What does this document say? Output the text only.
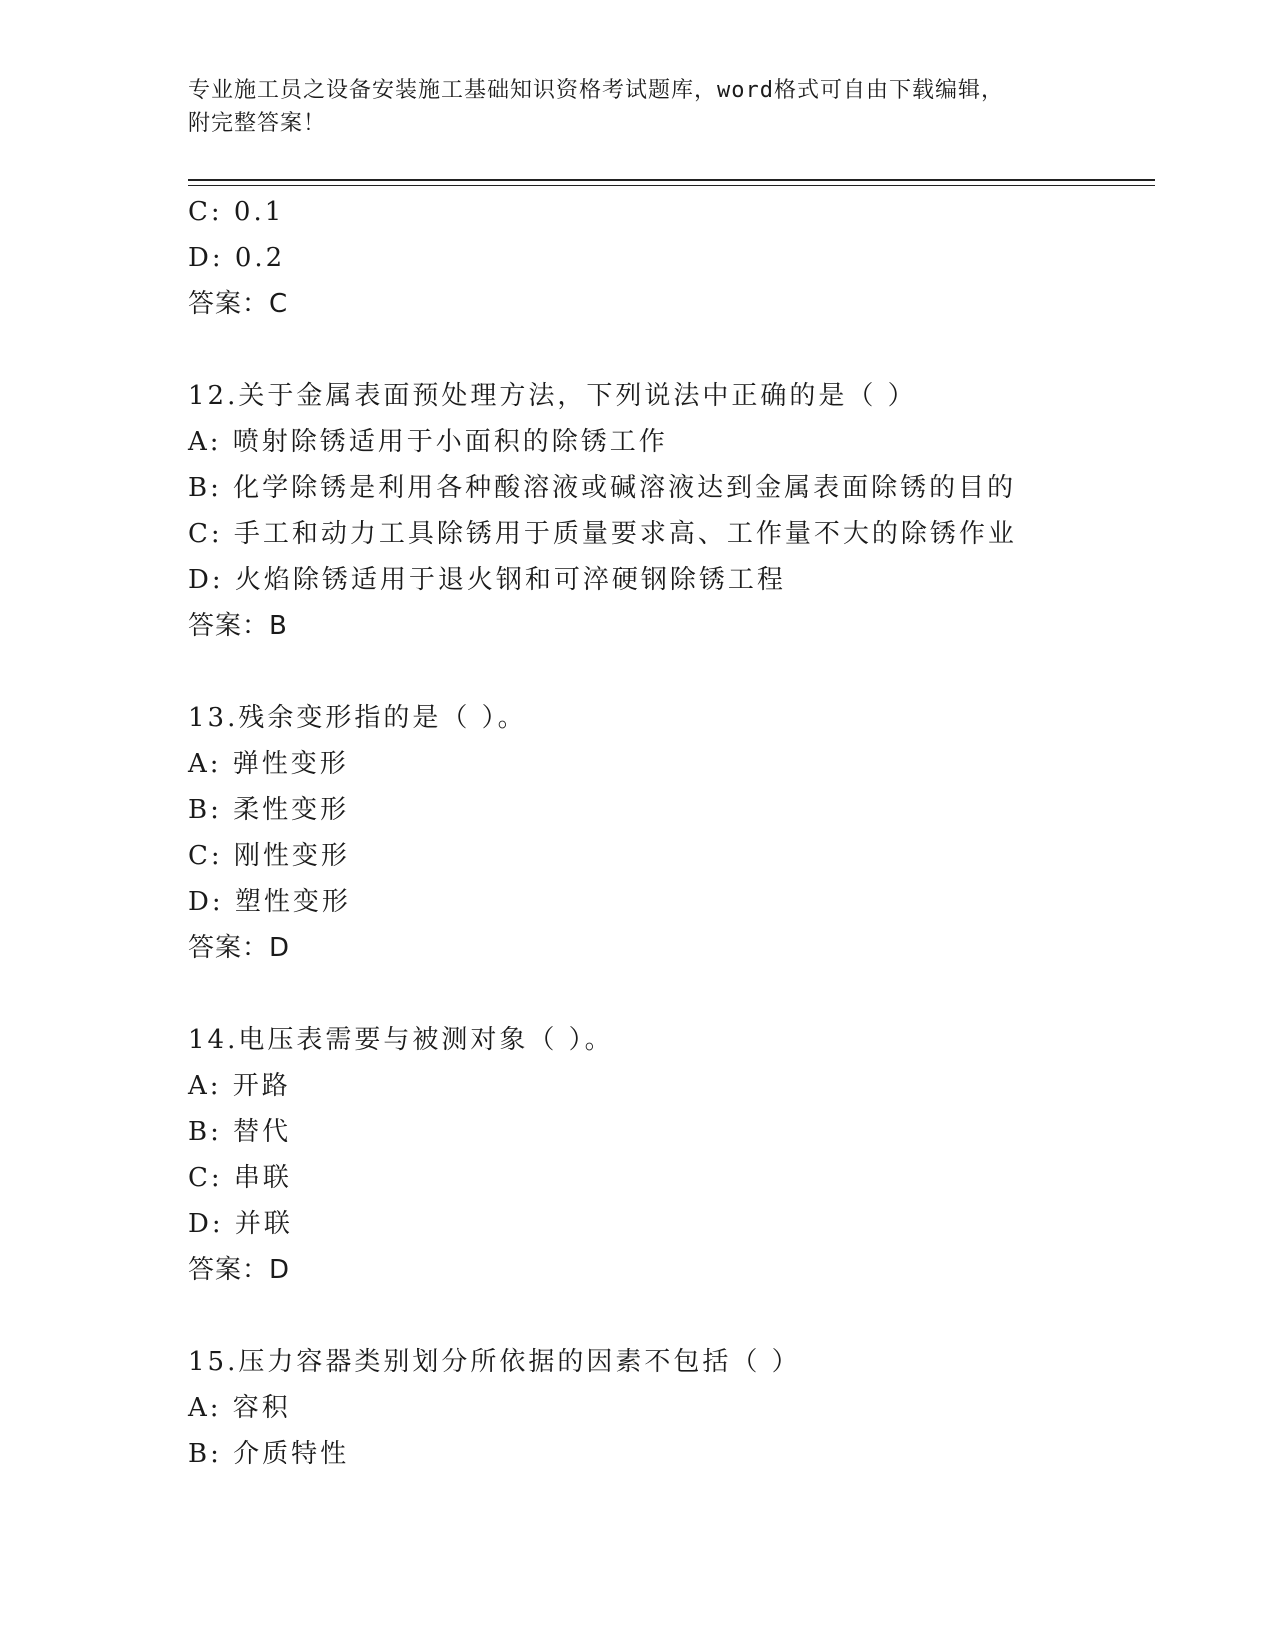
专业施工员之设备安装施工基础知识资格考试题库，word格式可自由下载编辑，
附完整答案！
C: 0.1
D: 0.2
答案：C
12.关于金属表面预处理方法，下列说法中正确的是（ ）
A: 喷射除锈适用于小面积的除锈工作
B: 化学除锈是利用各种酸溶液或碱溶液达到金属表面除锈的目的
C: 手工和动力工具除锈用于质量要求高、工作量不大的除锈作业
D: 火焰除锈适用于退火钢和可淬硬钢除锈工程
答案：B
13.残余变形指的是（ ）。
A: 弹性变形
B: 柔性变形
C: 刚性变形
D: 塑性变形
答案：D
14.电压表需要与被测对象（ ）。
A: 开路
B: 替代
C: 串联
D: 并联
答案：D
15.压力容器类别划分所依据的因素不包括（ ）
A: 容积
B: 介质特性
